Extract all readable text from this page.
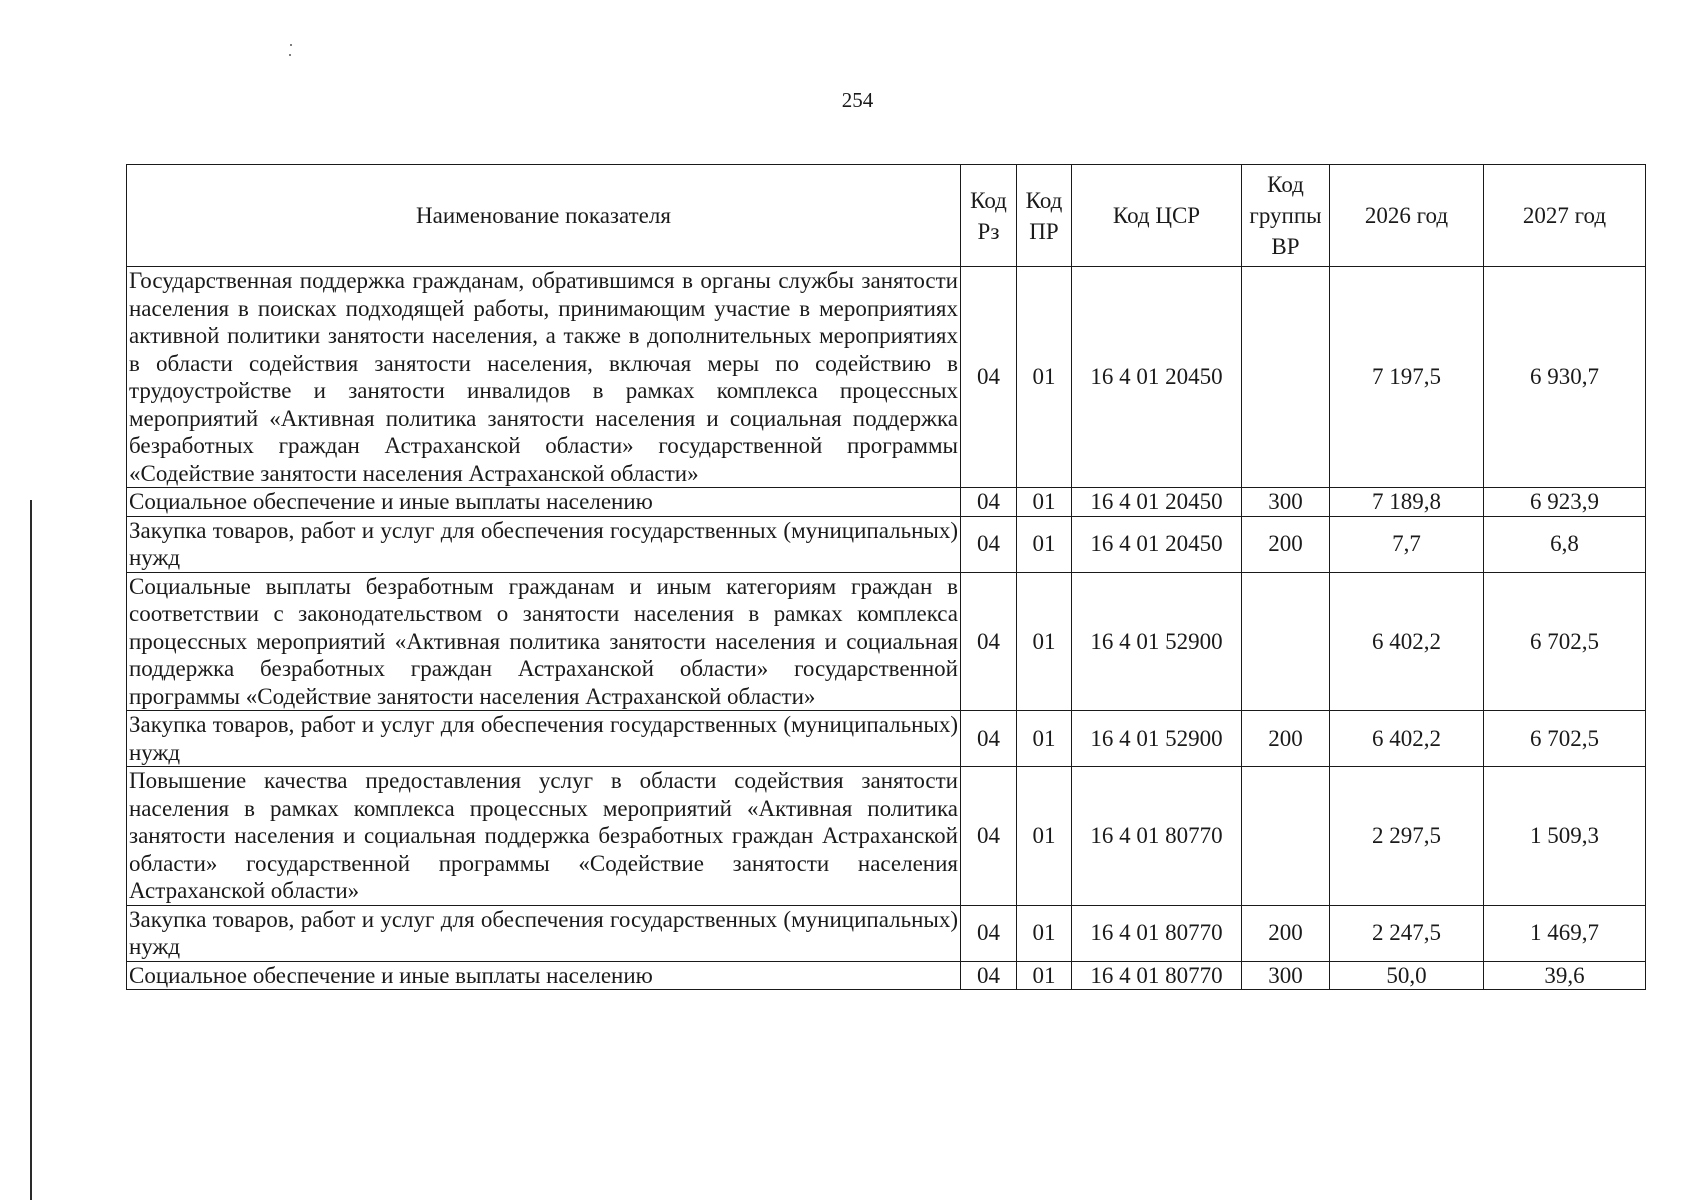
254
Наименование показателя	Код Рз	Код ПР	Код ЦСР	Код группы ВР	2026 год	2027 год
Государственная поддержка гражданам, обратившимся в органы службы занятости населения в поисках подходящей работы, принимающим участие в мероприятиях активной политики занятости населения, а также в дополнительных мероприятиях в области содействия занятости населения, включая меры по содействию в трудоустройстве и занятости инвалидов в рамках комплекса процессных мероприятий «Активная политика занятости населения и социальная поддержка безработных граждан Астраханской области» государственной программы «Содействие занятости населения Астраханской области»	04	01	16 4 01 20450		7 197,5	6 930,7
Социальное обеспечение и иные выплаты населению	04	01	16 4 01 20450	300	7 189,8	6 923,9
Закупка товаров, работ и услуг для обеспечения государственных (муниципальных) нужд	04	01	16 4 01 20450	200	7,7	6,8
Социальные выплаты безработным гражданам и иным категориям граждан в соответствии с законодательством о занятости населения в рамках комплекса процессных мероприятий «Активная политика занятости населения и социальная поддержка безработных граждан Астраханской области» государственной программы «Содействие занятости населения Астраханской области»	04	01	16 4 01 52900		6 402,2	6 702,5
Закупка товаров, работ и услуг для обеспечения государственных (муниципальных) нужд	04	01	16 4 01 52900	200	6 402,2	6 702,5
Повышение качества предоставления услуг в области содействия занятости населения в рамках комплекса процессных мероприятий «Активная политика занятости населения и социальная поддержка безработных граждан Астраханской области» государственной программы «Содействие занятости населения Астраханской области»	04	01	16 4 01 80770		2 297,5	1 509,3
Закупка товаров, работ и услуг для обеспечения государственных (муниципальных) нужд	04	01	16 4 01 80770	200	2 247,5	1 469,7
Социальное обеспечение и иные выплаты населению	04	01	16 4 01 80770	300	50,0	39,6
